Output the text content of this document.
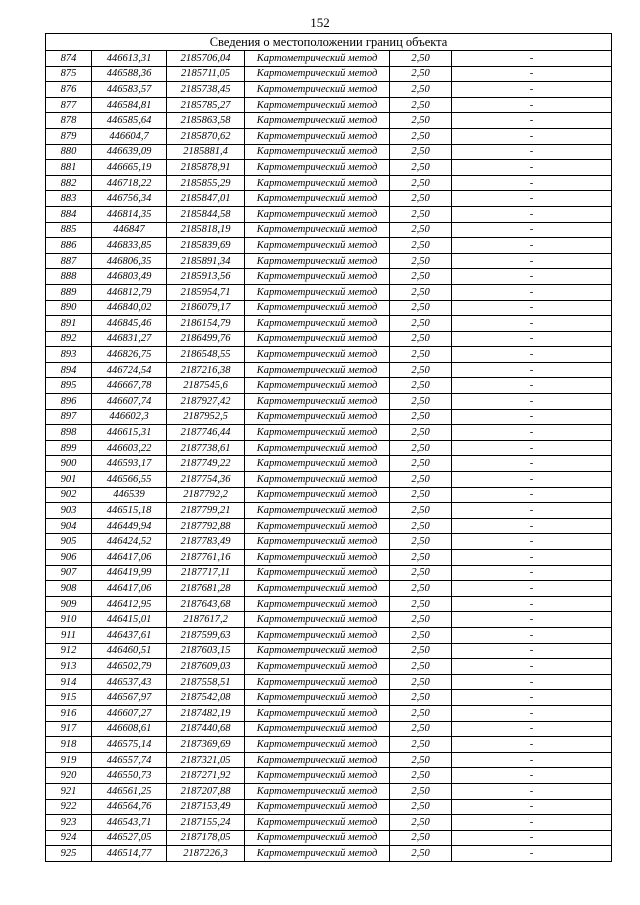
152
Сведения о местоположении границ объекта					
874	446613,31	2185706,04	Картометрический метод	2,50	-
875	446588,36	2185711,05	Картометрический метод	2,50	-
876	446583,57	2185738,45	Картометрический метод	2,50	-
877	446584,81	2185785,27	Картометрический метод	2,50	-
878	446585,64	2185863,58	Картометрический метод	2,50	-
879	446604,7	2185870,62	Картометрический метод	2,50	-
880	446639,09	2185881,4	Картометрический метод	2,50	-
881	446665,19	2185878,91	Картометрический метод	2,50	-
882	446718,22	2185855,29	Картометрический метод	2,50	-
883	446756,34	2185847,01	Картометрический метод	2,50	-
884	446814,35	2185844,58	Картометрический метод	2,50	-
885	446847	2185818,19	Картометрический метод	2,50	-
886	446833,85	2185839,69	Картометрический метод	2,50	-
887	446806,35	2185891,34	Картометрический метод	2,50	-
888	446803,49	2185913,56	Картометрический метод	2,50	-
889	446812,79	2185954,71	Картометрический метод	2,50	-
890	446840,02	2186079,17	Картометрический метод	2,50	-
891	446845,46	2186154,79	Картометрический метод	2,50	-
892	446831,27	2186499,76	Картометрический метод	2,50	-
893	446826,75	2186548,55	Картометрический метод	2,50	-
894	446724,54	2187216,38	Картометрический метод	2,50	-
895	446667,78	2187545,6	Картометрический метод	2,50	-
896	446607,74	2187927,42	Картометрический метод	2,50	-
897	446602,3	2187952,5	Картометрический метод	2,50	-
898	446615,31	2187746,44	Картометрический метод	2,50	-
899	446603,22	2187738,61	Картометрический метод	2,50	-
900	446593,17	2187749,22	Картометрический метод	2,50	-
901	446566,55	2187754,36	Картометрический метод	2,50	-
902	446539	2187792,2	Картометрический метод	2,50	-
903	446515,18	2187799,21	Картометрический метод	2,50	-
904	446449,94	2187792,88	Картометрический метод	2,50	-
905	446424,52	2187783,49	Картометрический метод	2,50	-
906	446417,06	2187761,16	Картометрический метод	2,50	-
907	446419,99	2187717,11	Картометрический метод	2,50	-
908	446417,06	2187681,28	Картометрический метод	2,50	-
909	446412,95	2187643,68	Картометрический метод	2,50	-
910	446415,01	2187617,2	Картометрический метод	2,50	-
911	446437,61	2187599,63	Картометрический метод	2,50	-
912	446460,51	2187603,15	Картометрический метод	2,50	-
913	446502,79	2187609,03	Картометрический метод	2,50	-
914	446537,43	2187558,51	Картометрический метод	2,50	-
915	446567,97	2187542,08	Картометрический метод	2,50	-
916	446607,27	2187482,19	Картометрический метод	2,50	-
917	446608,61	2187440,68	Картометрический метод	2,50	-
918	446575,14	2187369,69	Картометрический метод	2,50	-
919	446557,74	2187321,05	Картометрический метод	2,50	-
920	446550,73	2187271,92	Картометрический метод	2,50	-
921	446561,25	2187207,88	Картометрический метод	2,50	-
922	446564,76	2187153,49	Картометрический метод	2,50	-
923	446543,71	2187155,24	Картометрический метод	2,50	-
924	446527,05	2187178,05	Картометрический метод	2,50	-
925	446514,77	2187226,3	Картометрический метод	2,50	-
